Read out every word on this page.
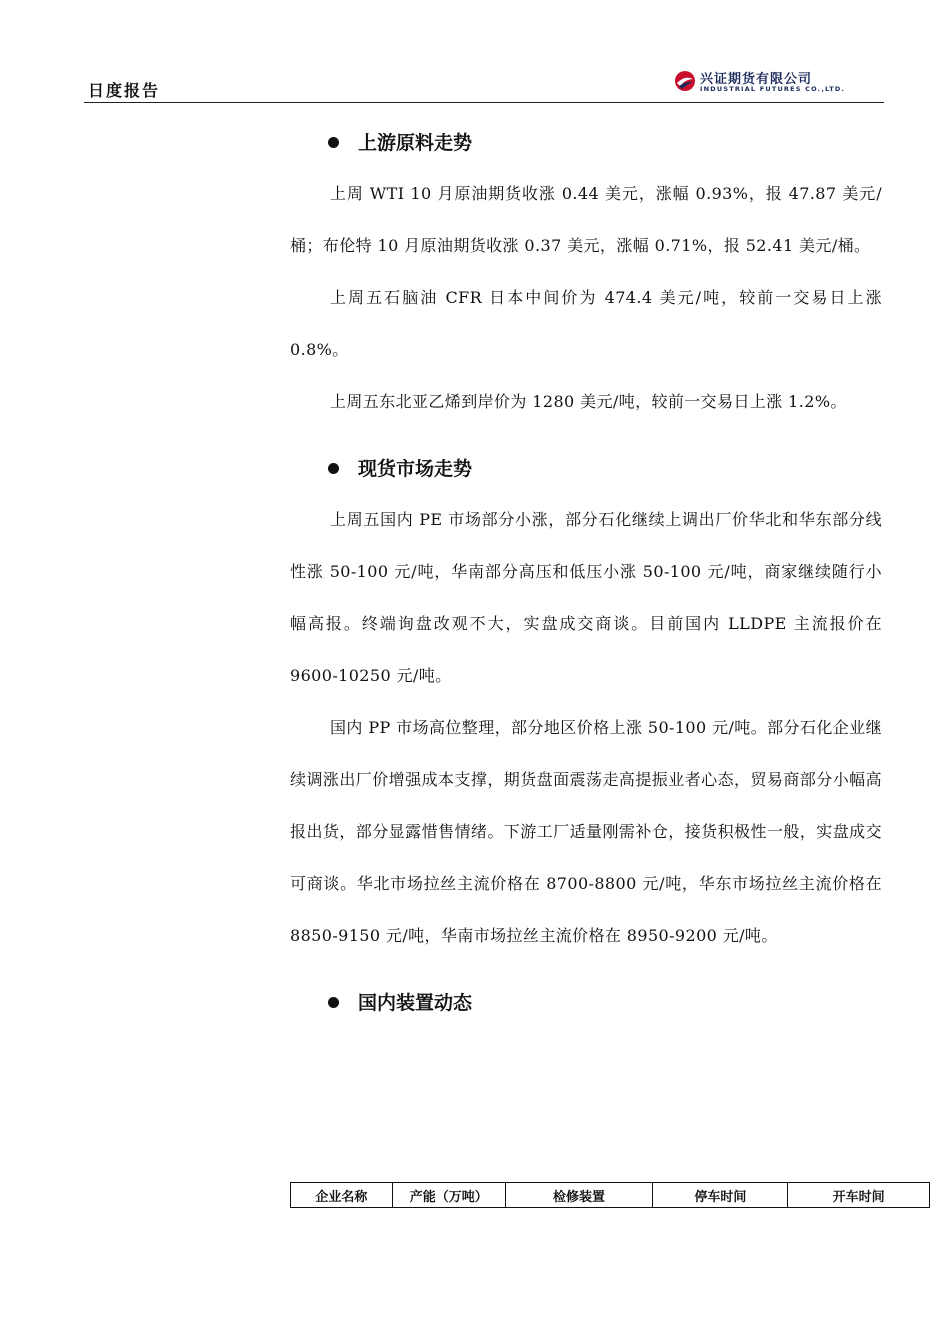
日度报告
兴证期货有限公司
INDUSTRIAL FUTURES CO.,LTD.
上游原料走势

上周 WTI 10 月原油期货收涨 0.44 美元，涨幅 0.93%，报 47.87 美元/桶；布伦特 10 月原油期货收涨 0.37 美元，涨幅 0.71%，报 52.41 美元/桶。

上周五石脑油 CFR 日本中间价为 474.4 美元/吨，较前一交易日上涨 0.8%。

上周五东北亚乙烯到岸价为 1280 美元/吨，较前一交易日上涨 1.2%。

现货市场走势

上周五国内 PE 市场部分小涨，部分石化继续上调出厂价华北和华东部分线性涨 50-100 元/吨，华南部分高压和低压小涨 50-100 元/吨，商家继续随行小幅高报。终端询盘改观不大，实盘成交商谈。目前国内 LLDPE 主流报价在 9600-10250 元/吨。

国内 PP 市场高位整理，部分地区价格上涨 50-100 元/吨。部分石化企业继续调涨出厂价增强成本支撑，期货盘面震荡走高提振业者心态，贸易商部分小幅高报出货，部分显露惜售情绪。下游工厂适量刚需补仓，接货积极性一般，实盘成交可商谈。华北市场拉丝主流价格在 8700-8800 元/吨，华东市场拉丝主流价格在 8850-9150 元/吨，华南市场拉丝主流价格在 8950-9200 元/吨。

国内装置动态
企业名称	产能（万吨）	检修装置	停车时间	开车时间
